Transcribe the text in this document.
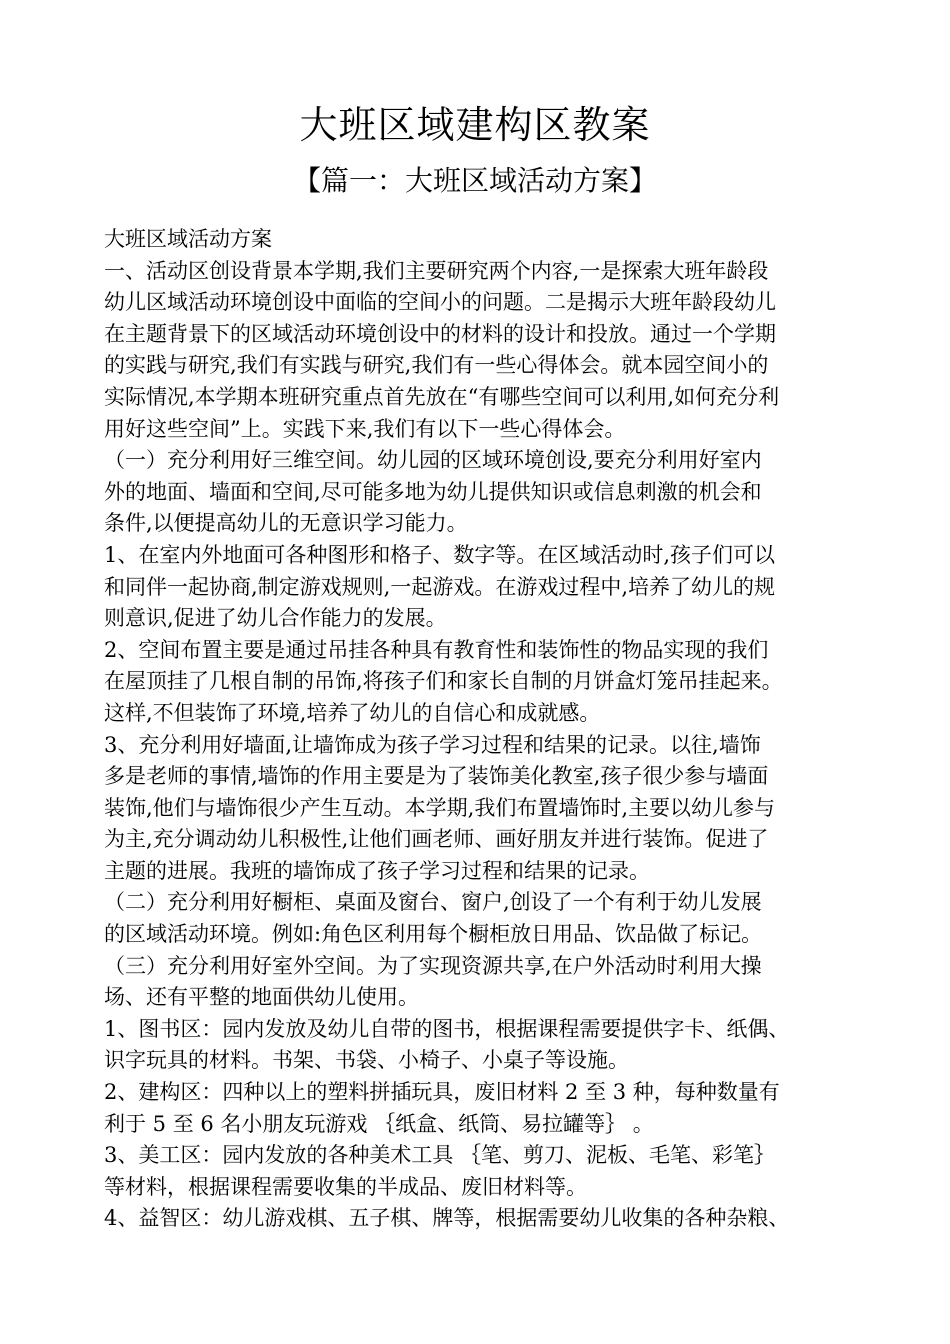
大班区域建构区教案
【篇一：大班区域活动方案】
大班区域活动方案
一、活动区创设背景本学期,我们主要研究两个内容,一是探索大班年龄段
幼儿区域活动环境创设中面临的空间小的问题。二是揭示大班年龄段幼儿
在主题背景下的区域活动环境创设中的材料的设计和投放。通过一个学期
的实践与研究,我们有实践与研究,我们有一些心得体会。就本园空间小的
实际情况,本学期本班研究重点首先放在“有哪些空间可以利用,如何充分利
用好这些空间”上。实践下来,我们有以下一些心得体会。
（一）充分利用好三维空间。幼儿园的区域环境创设,要充分利用好室内
外的地面、墙面和空间,尽可能多地为幼儿提供知识或信息刺激的机会和
条件,以便提高幼儿的无意识学习能力。
1、在室内外地面可各种图形和格子、数字等。在区域活动时,孩子们可以
和同伴一起协商,制定游戏规则,一起游戏。在游戏过程中,培养了幼儿的规
则意识,促进了幼儿合作能力的发展。
2、空间布置主要是通过吊挂各种具有教育性和装饰性的物品实现的我们
在屋顶挂了几根自制的吊饰,将孩子们和家长自制的月饼盒灯笼吊挂起来。
这样,不但装饰了环境,培养了幼儿的自信心和成就感。
3、充分利用好墙面,让墙饰成为孩子学习过程和结果的记录。以往,墙饰
多是老师的事情,墙饰的作用主要是为了装饰美化教室,孩子很少参与墙面
装饰,他们与墙饰很少产生互动。本学期,我们布置墙饰时,主要以幼儿参与
为主,充分调动幼儿积极性,让他们画老师、画好朋友并进行装饰。促进了
主题的进展。我班的墙饰成了孩子学习过程和结果的记录。
（二）充分利用好橱柜、桌面及窗台、窗户,创设了一个有利于幼儿发展
的区域活动环境。例如:角色区利用每个橱柜放日用品、饮品做了标记。
（三）充分利用好室外空间。为了实现资源共享,在户外活动时利用大操
场、还有平整的地面供幼儿使用。
1、图书区：园内发放及幼儿自带的图书，根据课程需要提供字卡、纸偶、
识字玩具的材料。书架、书袋、小椅子、小桌子等设施。
2、建构区：四种以上的塑料拼插玩具，废旧材料 2 至 3 种，每种数量有
利于 5 至 6 名小朋友玩游戏 ｛纸盒、纸筒、易拉罐等｝ 。
3、美工区：园内发放的各种美术工具 ｛笔、剪刀、泥板、毛笔、彩笔｝
等材料，根据课程需要收集的半成品、废旧材料等。
4、益智区：幼儿游戏棋、五子棋、牌等，根据需要幼儿收集的各种杂粮、
